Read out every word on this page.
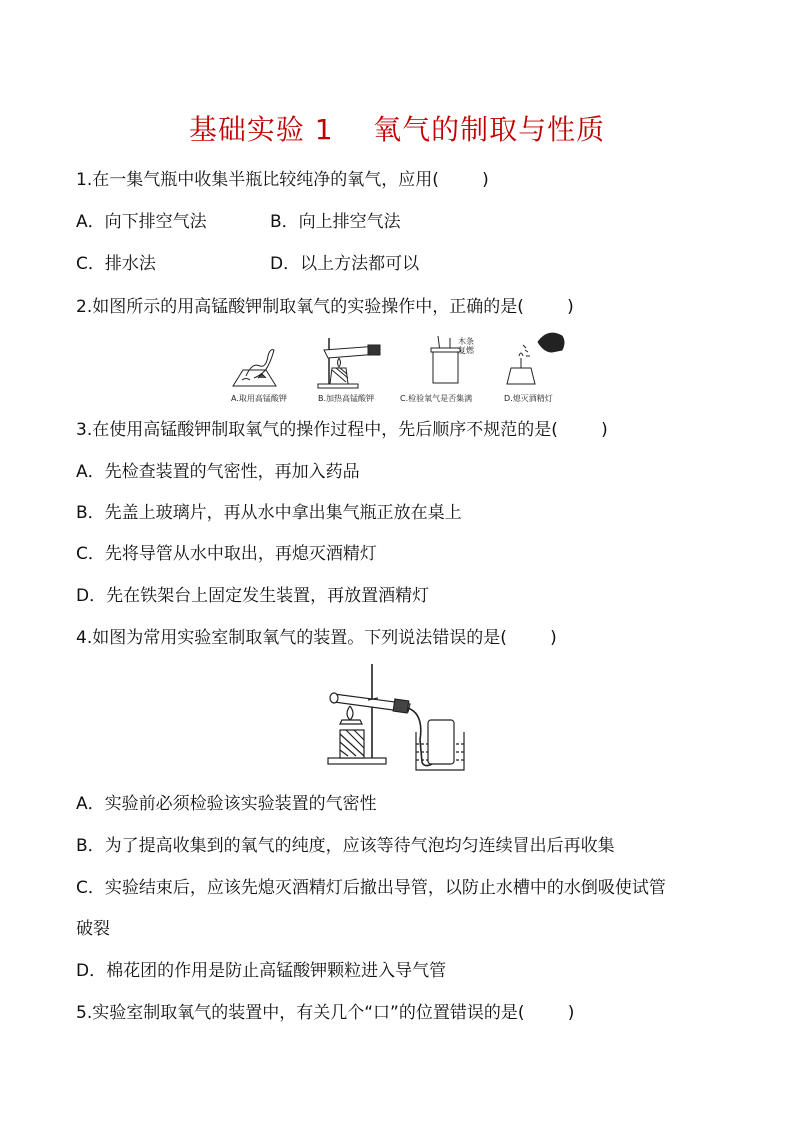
基础实验 1    氧气的制取与性质
1.在一集气瓶中收集半瓶比较纯净的氧气，应用(        )
A．向下排空气法	B．向上排空气法
C．排水法	D．以上方法都可以
2.如图所示的用高锰酸钾制取氧气的实验操作中，正确的是(        )
木条
复燃
A.取用高锰酸钾	B.加热高锰酸钾	C.检验氧气是否集满	D.熄灭酒精灯
3.在使用高锰酸钾制取氧气的操作过程中，先后顺序不规范的是(        )
A．先检查装置的气密性，再加入药品
B．先盖上玻璃片，再从水中拿出集气瓶正放在桌上
C．先将导管从水中取出，再熄灭酒精灯
D．先在铁架台上固定发生装置，再放置酒精灯
4.如图为常用实验室制取氧气的装置。下列说法错误的是(        )
A．实验前必须检验该实验装置的气密性
B．为了提高收集到的氧气的纯度，应该等待气泡均匀连续冒出后再收集
C．实验结束后，应该先熄灭酒精灯后撤出导管，以防止水槽中的水倒吸使试管
破裂
D．棉花团的作用是防止高锰酸钾颗粒进入导气管
5.实验室制取氧气的装置中，有关几个“口”的位置错误的是(        )
